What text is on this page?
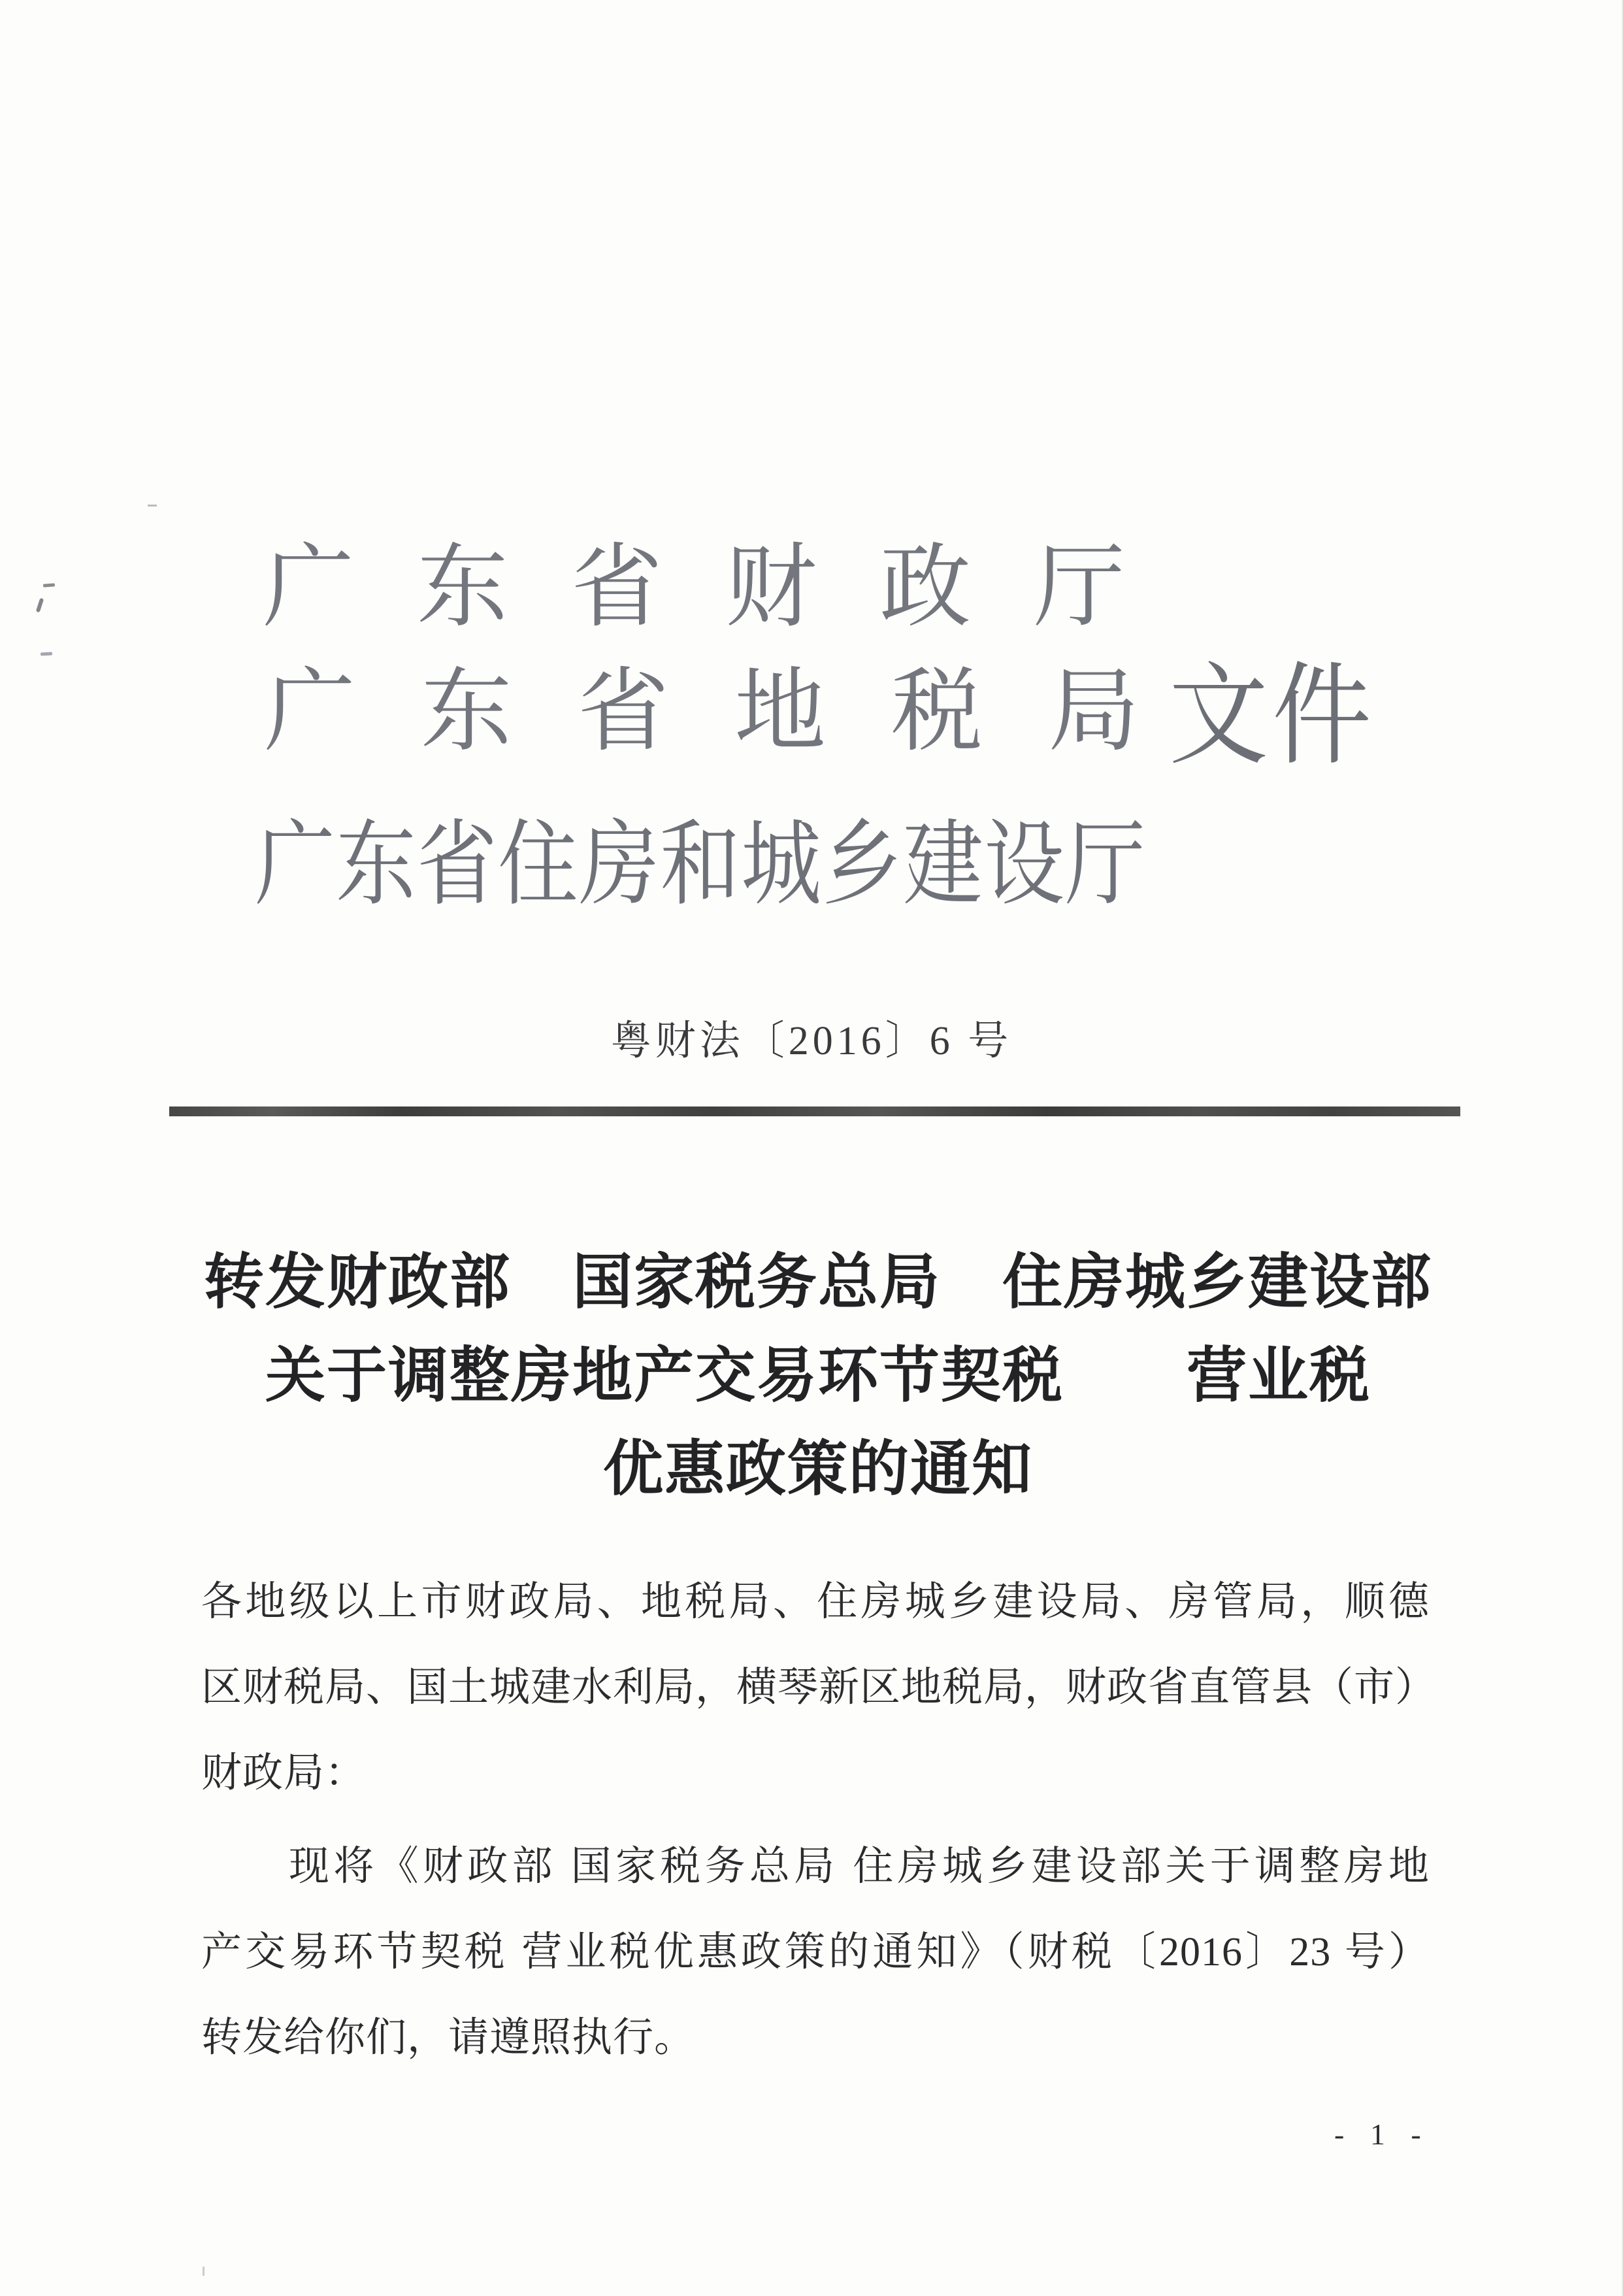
广东省财政厅
广东省地税局文件
广东省住房和城乡建设厅
粤财法〔2016〕6 号
转发财政部　国家税务总局　住房城乡建设部
关于调整房地产交易环节契税　　营业税
优惠政策的通知
各地级以上市财政局、地税局、住房城乡建设局、房管局，顺德
区财税局、国土城建水利局，横琴新区地税局，财政省直管县（市）
财政局：
现将《财政部 国家税务总局 住房城乡建设部关于调整房地
产交易环节契税 营业税优惠政策的通知》（财税〔2016〕23 号）
转发给你们，请遵照执行。
- 1 -
